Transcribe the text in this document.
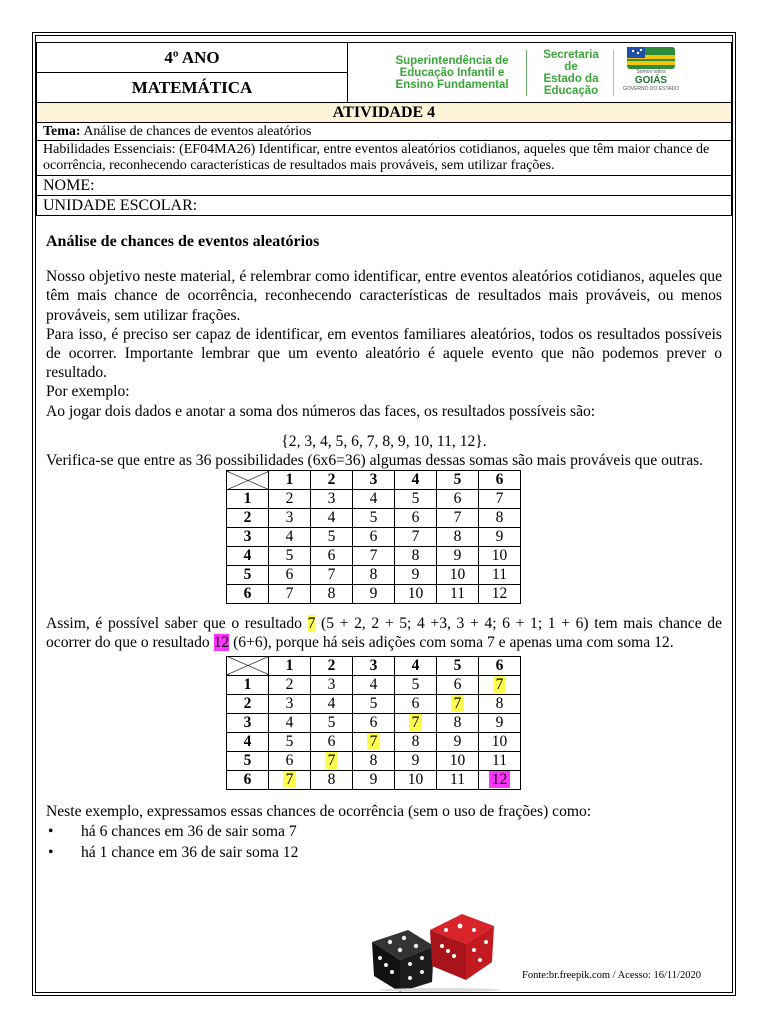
4º ANO
MATEMÁTICA
Superintendência de
Educação Infantil e
Ensino Fundamental
Secretaria de
Estado da
Educação
Somos todos
GOIÁS
GOVERNO DO ESTADO
ATIVIDADE 4
Tema: Análise de chances de eventos aleatórios
Habilidades Essenciais: (EF04MA26) Identificar, entre eventos aleatórios cotidianos, aqueles que têm maior chance de ocorrência, reconhecendo características de resultados mais prováveis, sem utilizar frações.
NOME:
UNIDADE ESCOLAR:
Análise de chances de eventos aleatórios

Nosso objetivo neste material, é relembrar como identificar, entre eventos aleatórios cotidianos, aqueles que têm mais chance de ocorrência, reconhecendo características de resultados mais prováveis, ou menos prováveis, sem utilizar frações.

Para isso, é preciso ser capaz de identificar, em eventos familiares aleatórios, todos os resultados possíveis de ocorrer. Importante lembrar que um evento aleatório é aquele evento que não podemos prever o resultado.

Por exemplo:

Ao jogar dois dados e anotar a soma dos números das faces, os resultados possíveis são:

{2, 3, 4, 5, 6, 7, 8, 9, 10, 11, 12}.

Verifica-se que entre as 36 possibilidades (6x6=36) algumas dessas somas são mais prováveis que outras.

	1	2	3	4	5	6
1	2	3	4	5	6	7
2	3	4	5	6	7	8
3	4	5	6	7	8	9
4	5	6	7	8	9	10
5	6	7	8	9	10	11
6	7	8	9	10	11	12

Assim, é possível saber que o resultado 7 (5 + 2, 2 + 5; 4 +3, 3 + 4; 6 + 1; 1 + 6) tem mais chance de ocorrer do que o resultado 12 (6+6), porque há seis adições com soma 7 e apenas uma com soma 12.

	1	2	3	4	5	6
1	2	3	4	5	6	7
2	3	4	5	6	7	8
3	4	5	6	7	8	9
4	5	6	7	8	9	10
5	6	7	8	9	10	11
6	7	8	9	10	11	12

Neste exemplo, expressamos essas chances de ocorrência (sem o uso de frações) como:

• há 6 chances em 36 de sair soma 7
• há 1 chance em 36 de sair soma 12
Fonte:br.freepik.com / Acesso: 16/11/2020
